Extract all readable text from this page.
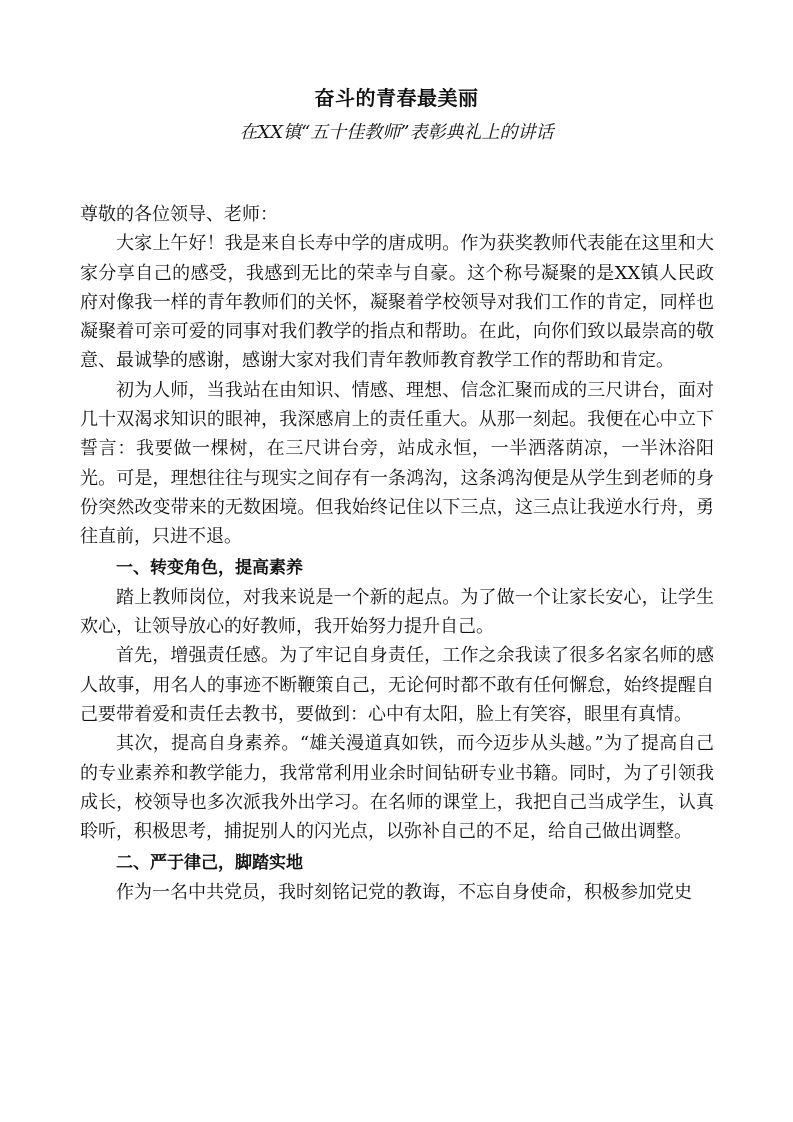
奋斗的青春最美丽
在XX镇“五十佳教师”表彰典礼上的讲话

尊敬的各位领导、老师：

大家上午好！我是来自长寿中学的唐成明。作为获奖教师代表能在这里和大家分享自己的感受，我感到无比的荣幸与自豪。这个称号凝聚的是XX镇人民政府对像我一样的青年教师们的关怀，凝聚着学校领导对我们工作的肯定，同样也凝聚着可亲可爱的同事对我们教学的指点和帮助。在此，向你们致以最崇高的敬意、最诚挚的感谢，感谢大家对我们青年教师教育教学工作的帮助和肯定。

初为人师，当我站在由知识、情感、理想、信念汇聚而成的三尺讲台，面对几十双渴求知识的眼神，我深感肩上的责任重大。从那一刻起。我便在心中立下誓言：我要做一棵树，在三尺讲台旁，站成永恒，一半洒落荫凉，一半沐浴阳光。可是，理想往往与现实之间存有一条鸿沟，这条鸿沟便是从学生到老师的身份突然改变带来的无数困境。但我始终记住以下三点，这三点让我逆水行舟，勇往直前，只进不退。

一、转变角色，提高素养

踏上教师岗位，对我来说是一个新的起点。为了做一个让家长安心，让学生欢心，让领导放心的好教师，我开始努力提升自己。

首先，增强责任感。为了牢记自身责任，工作之余我读了很多名家名师的感人故事，用名人的事迹不断鞭策自己，无论何时都不敢有任何懈怠，始终提醒自己要带着爱和责任去教书，要做到：心中有太阳，脸上有笑容，眼里有真情。

其次，提高自身素养。“雄关漫道真如铁，而今迈步从头越。”为了提高自己的专业素养和教学能力，我常常利用业余时间钻研专业书籍。同时，为了引领我成长，校领导也多次派我外出学习。在名师的课堂上，我把自己当成学生，认真聆听，积极思考，捕捉别人的闪光点，以弥补自己的不足，给自己做出调整。

二、严于律己，脚踏实地

作为一名中共党员，我时刻铭记党的教诲，不忘自身使命，积极参加党史
